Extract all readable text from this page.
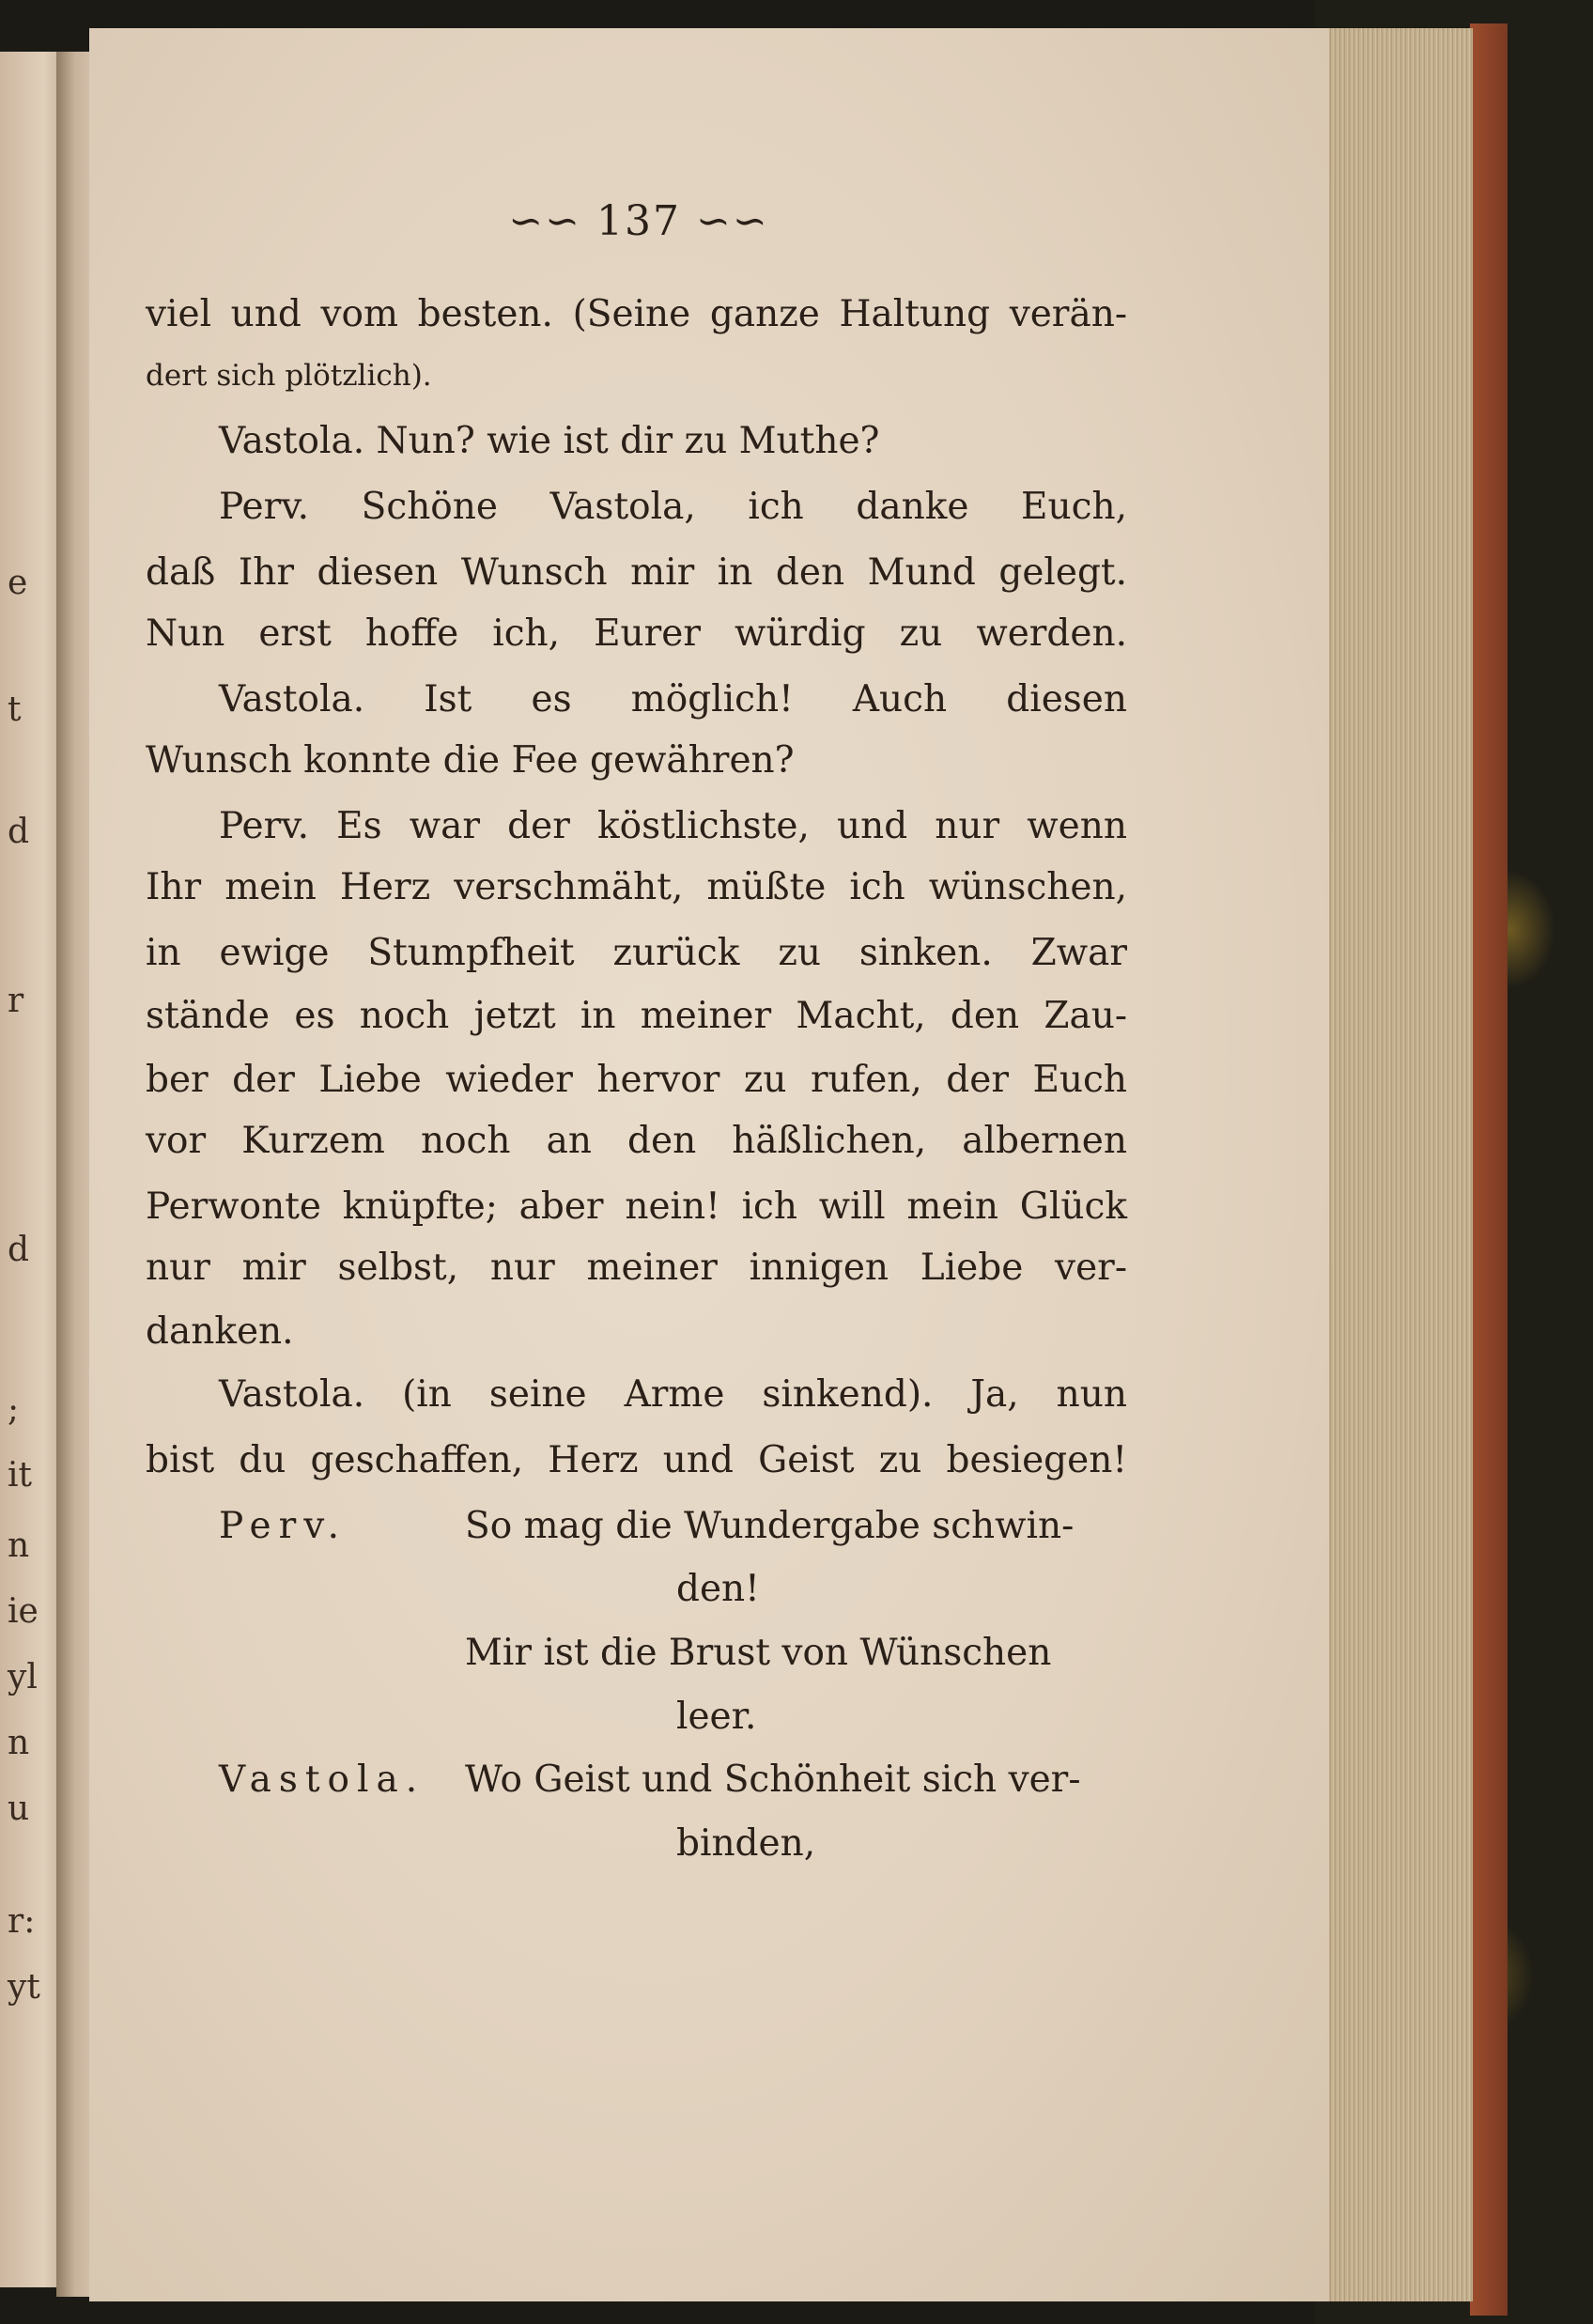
e
t
d
r
d
;
it
n
ie
yl
n
u
r:
yt
∽∽ 137 ∽∽
viel und vom besten. (Seine ganze Haltung verän-
dert sich plötzlich).
Vastola. Nun? wie ist dir zu Muthe?
Perv. Schöne Vastola, ich danke Euch,
daß Ihr diesen Wunsch mir in den Mund gelegt.
Nun erst hoffe ich, Eurer würdig zu werden.
Vastola. Ist es möglich! Auch diesen
Wunsch konnte die Fee gewähren?
Perv. Es war der köstlichste, und nur wenn
Ihr mein Herz verschmäht, müßte ich wünschen,
in ewige Stumpfheit zurück zu sinken. Zwar
stände es noch jetzt in meiner Macht, den Zau-
ber der Liebe wieder hervor zu rufen, der Euch
vor Kurzem noch an den häßlichen, albernen
Perwonte knüpfte; aber nein! ich will mein Glück
nur mir selbst, nur meiner innigen Liebe ver-
danken.
Vastola. (in seine Arme sinkend). Ja, nun
bist du geschaffen, Herz und Geist zu besiegen!
Perv.	So mag die Wundergabe schwin-
den!
Mir ist die Brust von Wünschen
leer.
Vastola. Wo Geist und Schönheit sich ver-
binden,
